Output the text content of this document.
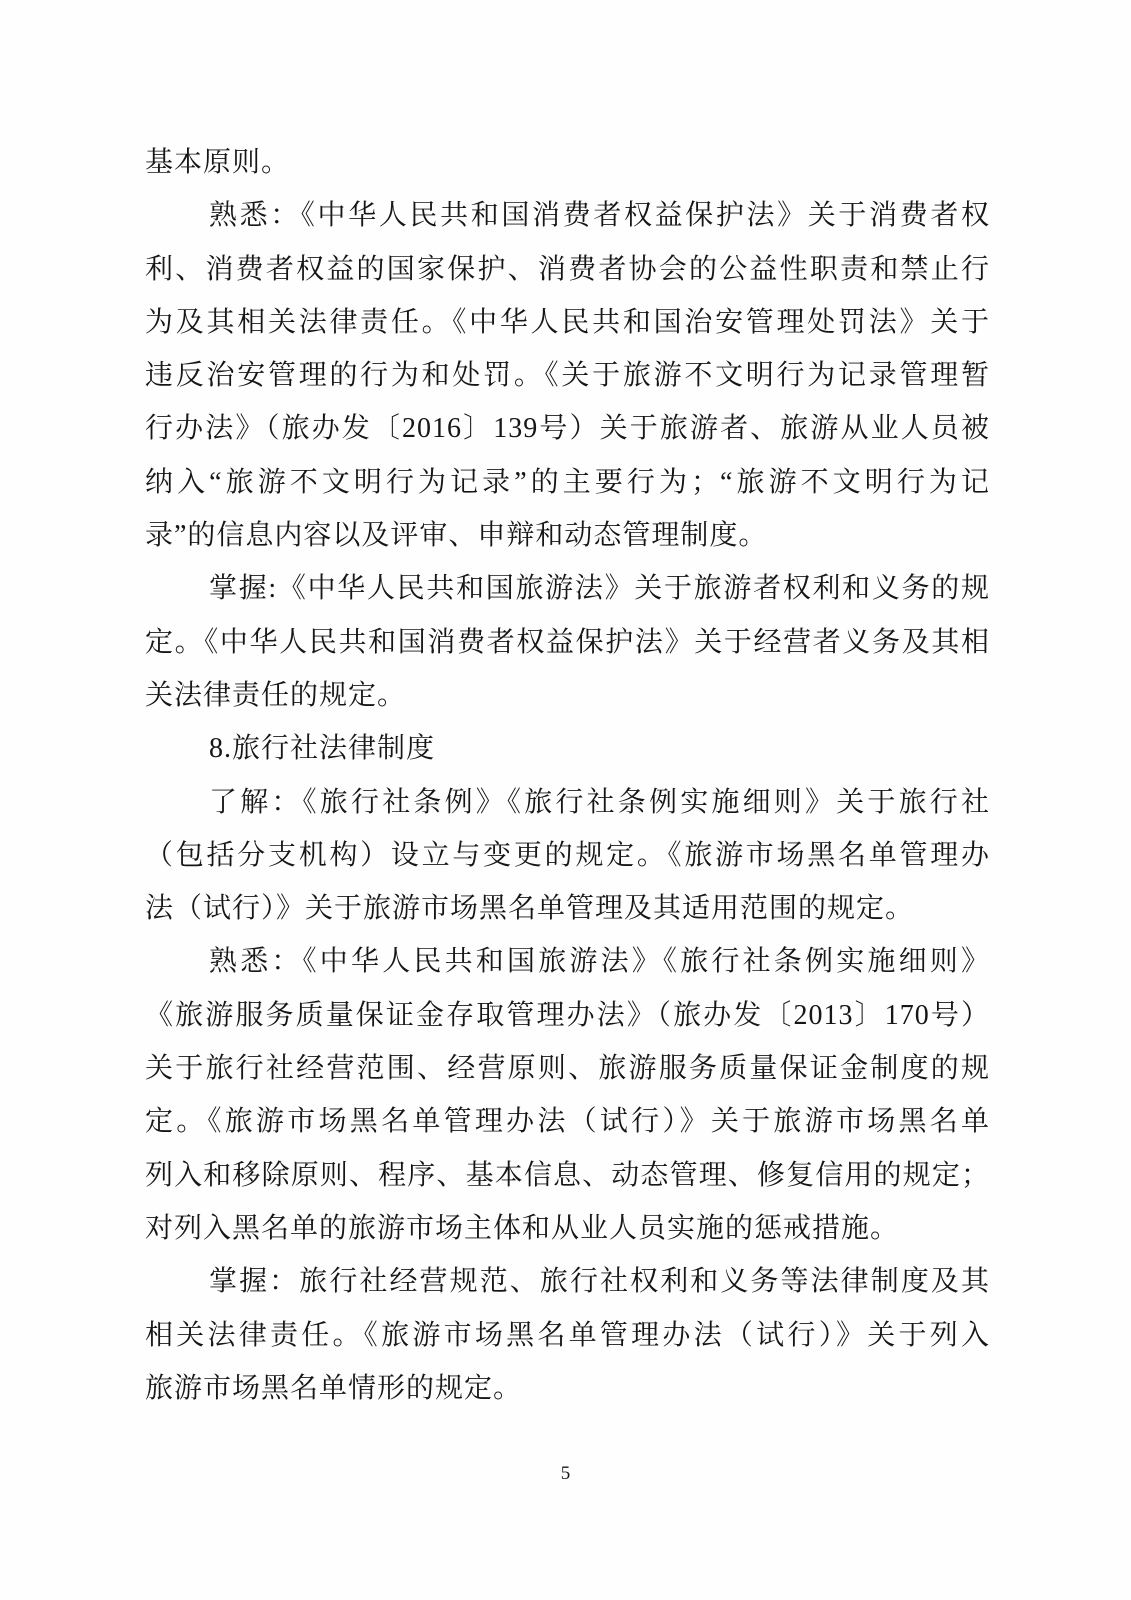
基本原则。
熟悉：《中华人民共和国消费者权益保护法》关于消费者权
利、消费者权益的国家保护、消费者协会的公益性职责和禁止行
为及其相关法律责任。《中华人民共和国治安管理处罚法》关于
违反治安管理的行为和处罚。《关于旅游不文明行为记录管理暂
行办法》（旅办发〔2016〕139号）关于旅游者、旅游从业人员被
纳入“旅游不文明行为记录”的主要行为；“旅游不文明行为记
录”的信息内容以及评审、申辩和动态管理制度。
掌握:《中华人民共和国旅游法》关于旅游者权利和义务的规
定。《中华人民共和国消费者权益保护法》关于经营者义务及其相
关法律责任的规定。
8.旅行社法律制度
了解：《旅行社条例》《旅行社条例实施细则》关于旅行社
（包括分支机构）设立与变更的规定。《旅游市场黑名单管理办
法（试行）》关于旅游市场黑名单管理及其适用范围的规定。
熟悉：《中华人民共和国旅游法》《旅行社条例实施细则》
《旅游服务质量保证金存取管理办法》（旅办发〔2013〕170号）
关于旅行社经营范围、经营原则、旅游服务质量保证金制度的规
定。《旅游市场黑名单管理办法（试行）》关于旅游市场黑名单
列入和移除原则、程序、基本信息、动态管理、修复信用的规定；
对列入黑名单的旅游市场主体和从业人员实施的惩戒措施。
掌握：旅行社经营规范、旅行社权利和义务等法律制度及其
相关法律责任。《旅游市场黑名单管理办法（试行）》关于列入
旅游市场黑名单情形的规定。
5
